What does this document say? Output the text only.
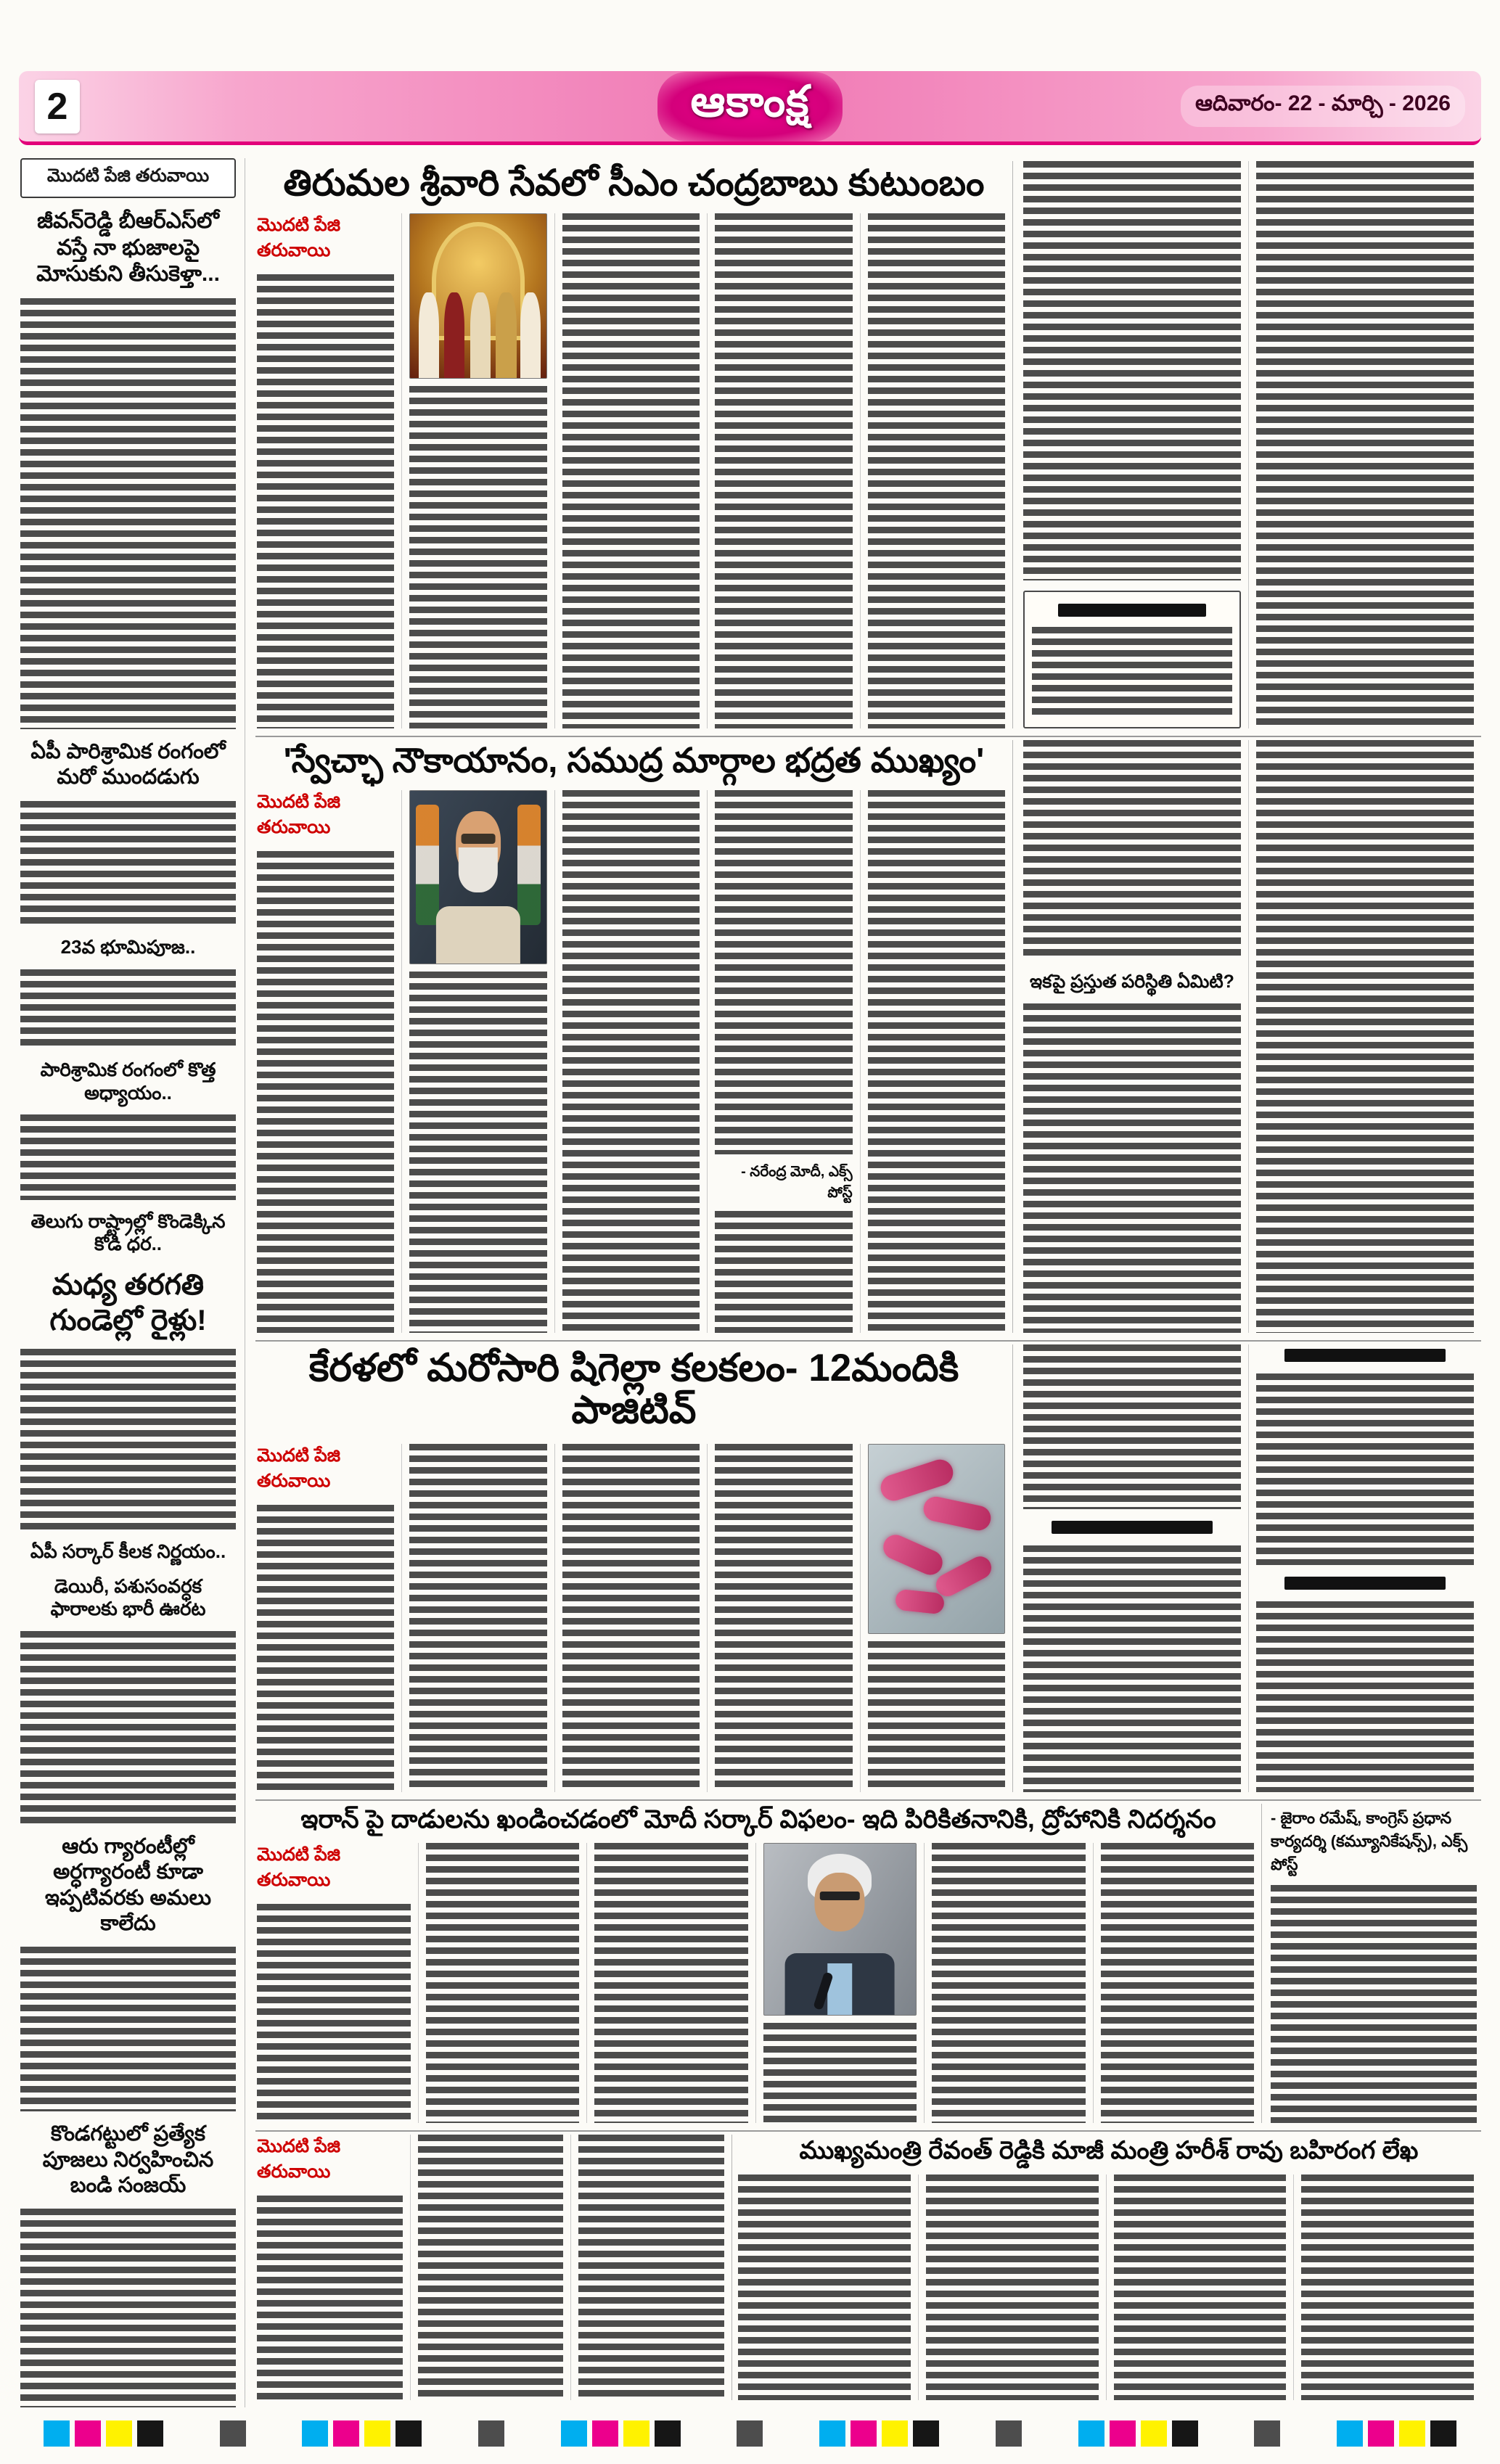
2	ఆకాంక్ష	ఆదివారం- 22 - మార్చి - 2026
మొదటి పేజి తరువాయి
జీవన్‌రెడ్డి బీఆర్ఎస్‌లో వస్తే నా భుజాలపై మోసుకుని తీసుకెళ్తా...
ఏపీ పారిశ్రామిక రంగంలో మరో ముందడుగు
23వ భూమిపూజ..
పారిశ్రామిక రంగంలో కొత్త అధ్యాయం..
తెలుగు రాష్ట్రాల్లో కొండెక్కిన కోడి ధర..
మధ్య తరగతి గుండెల్లో రైళ్లు!
ఏపీ సర్కార్ కీలక నిర్ణయం..
డెయిరీ, పశుసంవర్ధక ఫారాలకు భారీ ఊరట
ఆరు గ్యారంటీల్లో అర్ధగ్యారంటీ కూడా ఇప్పటివరకు అమలు కాలేదు
కొండగట్టులో ప్రత్యేక పూజలు నిర్వహించిన బండి సంజయ్
తిరుమల శ్రీవారి సేవలో సీఎం చంద్రబాబు కుటుంబం
మొదటి పేజి తరువాయి
'స్వేచ్ఛా నౌకాయానం, సముద్ర మార్గాల భద్రత ముఖ్యం'
మొదటి పేజి తరువాయి
- నరేంద్ర మోదీ, ఎక్స్ పోస్ట్
ఇకపై ప్రస్తుత పరిస్థితి ఏమిటి?
కేరళలో మరోసారి షిగెల్లా కలకలం- 12మందికి పాజిటివ్
మొదటి పేజి తరువాయి
ఇరాన్ పై దాడులను ఖండించడంలో మోదీ సర్కార్ విఫలం- ఇది పిరికితనానికి, ద్రోహానికి నిదర్శనం
మొదటి పేజి తరువాయి
- జైరాం రమేష్, కాంగ్రెస్ ప్రధాన కార్యదర్శి (కమ్యూనికేషన్స్), ఎక్స్ పోస్ట్
మొదటి పేజి తరువాయి
ముఖ్యమంత్రి రేవంత్ రెడ్డికి మాజీ మంత్రి హరీశ్ రావు బహిరంగ లేఖ
